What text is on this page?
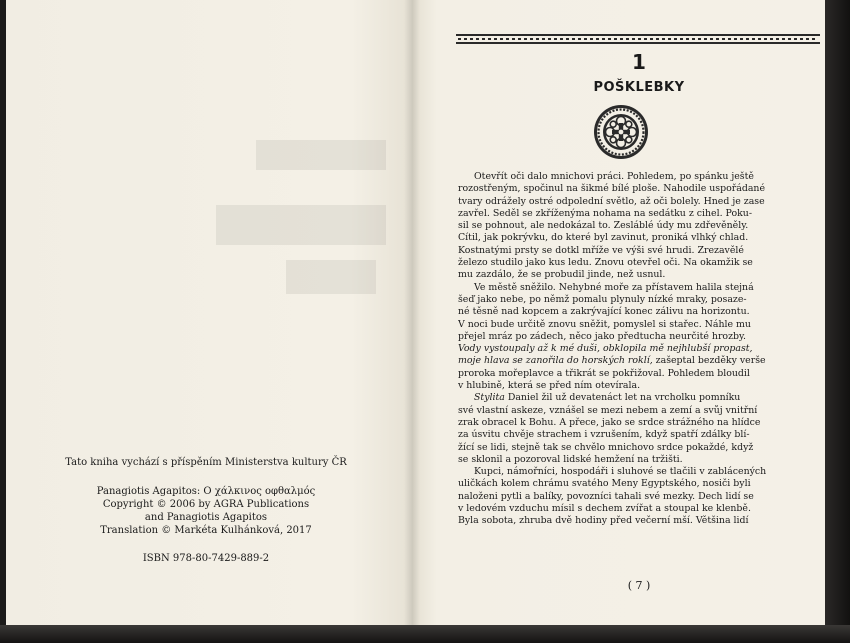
Tato kniha vychází s příspěním Ministerstva kultury ČR
Panagiotis Agapitos: Ο χάλκινος οφθαλμός
Copyright © 2006 by AGRA Publications
and Panagiotis Agapitos
Translation © Markéta Kulhánková, 2017
ISBN 978-80-7429-889-2
1
POŠKLEBKY
Otevřít oči dalo mnichovi práci. Pohledem, po spánku ještě
rozostřeným, spočinul na šikmé bílé ploše. Nahodile uspořádané
tvary odrážely ostré odpolední světlo, až oči bolely. Hned je zase
zavřel. Seděl se zkříženýma nohama na sedátku z cihel. Poku-
sil se pohnout, ale nedokázal to. Zesláblé údy mu zdřevěněly.
Cítil, jak pokrývku, do které byl zavinut, proniká vlhký chlad.
Kostnatými prsty se dotkl mříže ve výši své hrudi. Zrezavělé
železo studilo jako kus ledu. Znovu otevřel oči. Na okamžik se
mu zazdálo, že se probudil jinde, než usnul.
Ve městě sněžilo. Nehybné moře za přístavem halila stejná
šeď jako nebe, po němž pomalu plynuly nízké mraky, posaze-
né těsně nad kopcem a zakrývající konec zálivu na horizontu.
V noci bude určitě znovu sněžit, pomyslel si stařec. Náhle mu
přejel mráz po zádech, něco jako předtucha neurčité hrozby.
Vody vystoupaly až k mé duši, obklopila mě nejhlubší propast,
moje hlava se zanořila do horských roklí, zašeptal bezděky verše
proroka mořeplavce a třikrát se pokřižoval. Pohledem bloudil
v hlubině, která se před ním otevírala.
Stylita Daniel žil už devatenáct let na vrcholku pomníku
své vlastní askeze, vznášel se mezi nebem a zemí a svůj vnitřní
zrak obracel k Bohu. A přece, jako se srdce strážného na hlídce
za úsvitu chvěje strachem i vzrušením, když spatří zdálky blí-
žící se lidi, stejně tak se chvělo mnichovo srdce pokaždé, když
se sklonil a pozoroval lidské hemžení na tržišti.
Kupci, námořníci, hospodáři i sluhové se tlačili v zablácených
uličkách kolem chrámu svatého Meny Egyptského, nosiči byli
naloženi pytli a balíky, povozníci tahali své mezky. Dech lidí se
v ledovém vzduchu mísil s dechem zvířat a stoupal ke klenbě.
Byla sobota, zhruba dvě hodiny před večerní mší. Většina lidí
( 7 )
